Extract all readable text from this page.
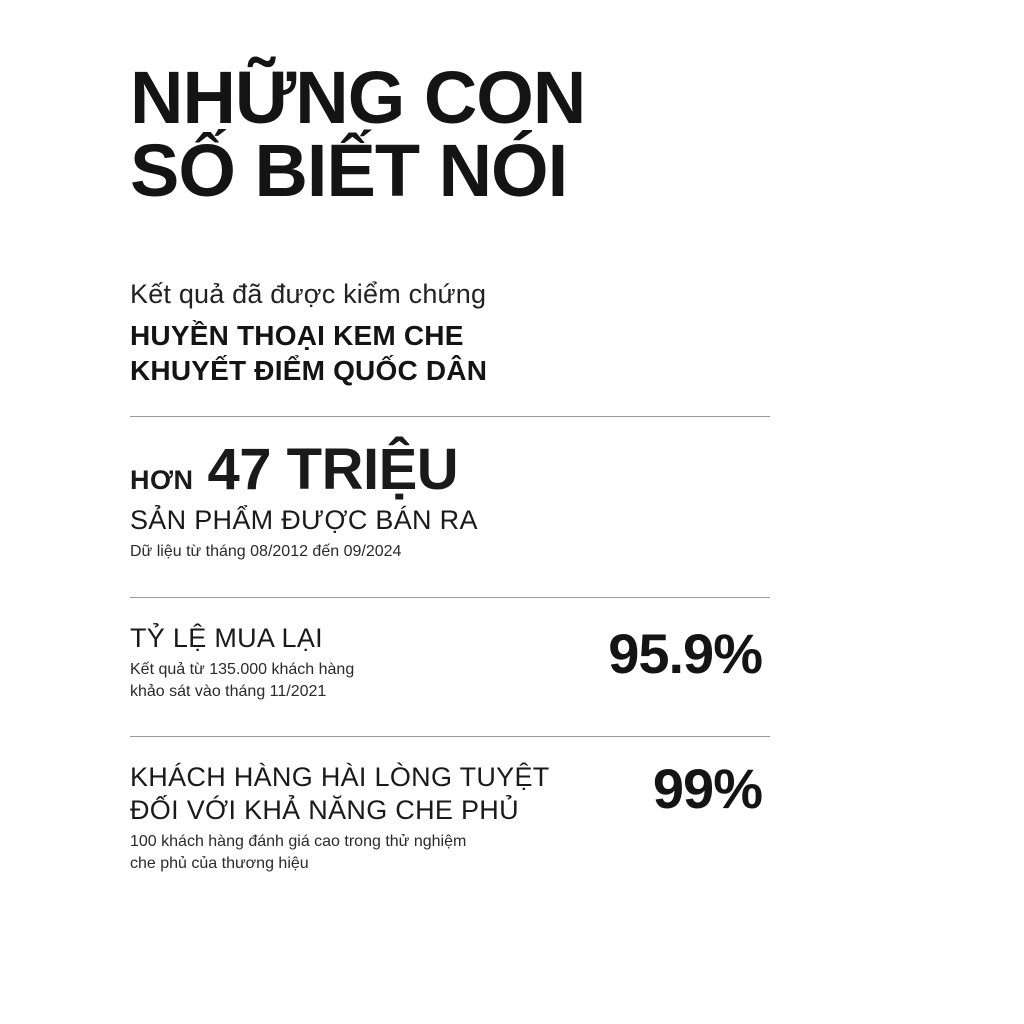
NHỮNG CON
SỐ BIẾT NÓI
Kết quả đã được kiểm chứng
HUYỀN THOẠI KEM CHE
KHUYẾT ĐIỂM QUỐC DÂN
HƠN 47 TRIỆU
SẢN PHẨM ĐƯỢC BÁN RA
Dữ liệu từ tháng 08/2012 đến 09/2024
TỶ LỆ MUA LẠI
Kết quả từ 135.000 khách hàng
khảo sát vào tháng 11/2021
95.9%
KHÁCH HÀNG HÀI LÒNG TUYỆT
ĐỐI VỚI KHẢ NĂNG CHE PHỦ
100 khách hàng đánh giá cao trong thử nghiệm
che phủ của thương hiệu
99%
